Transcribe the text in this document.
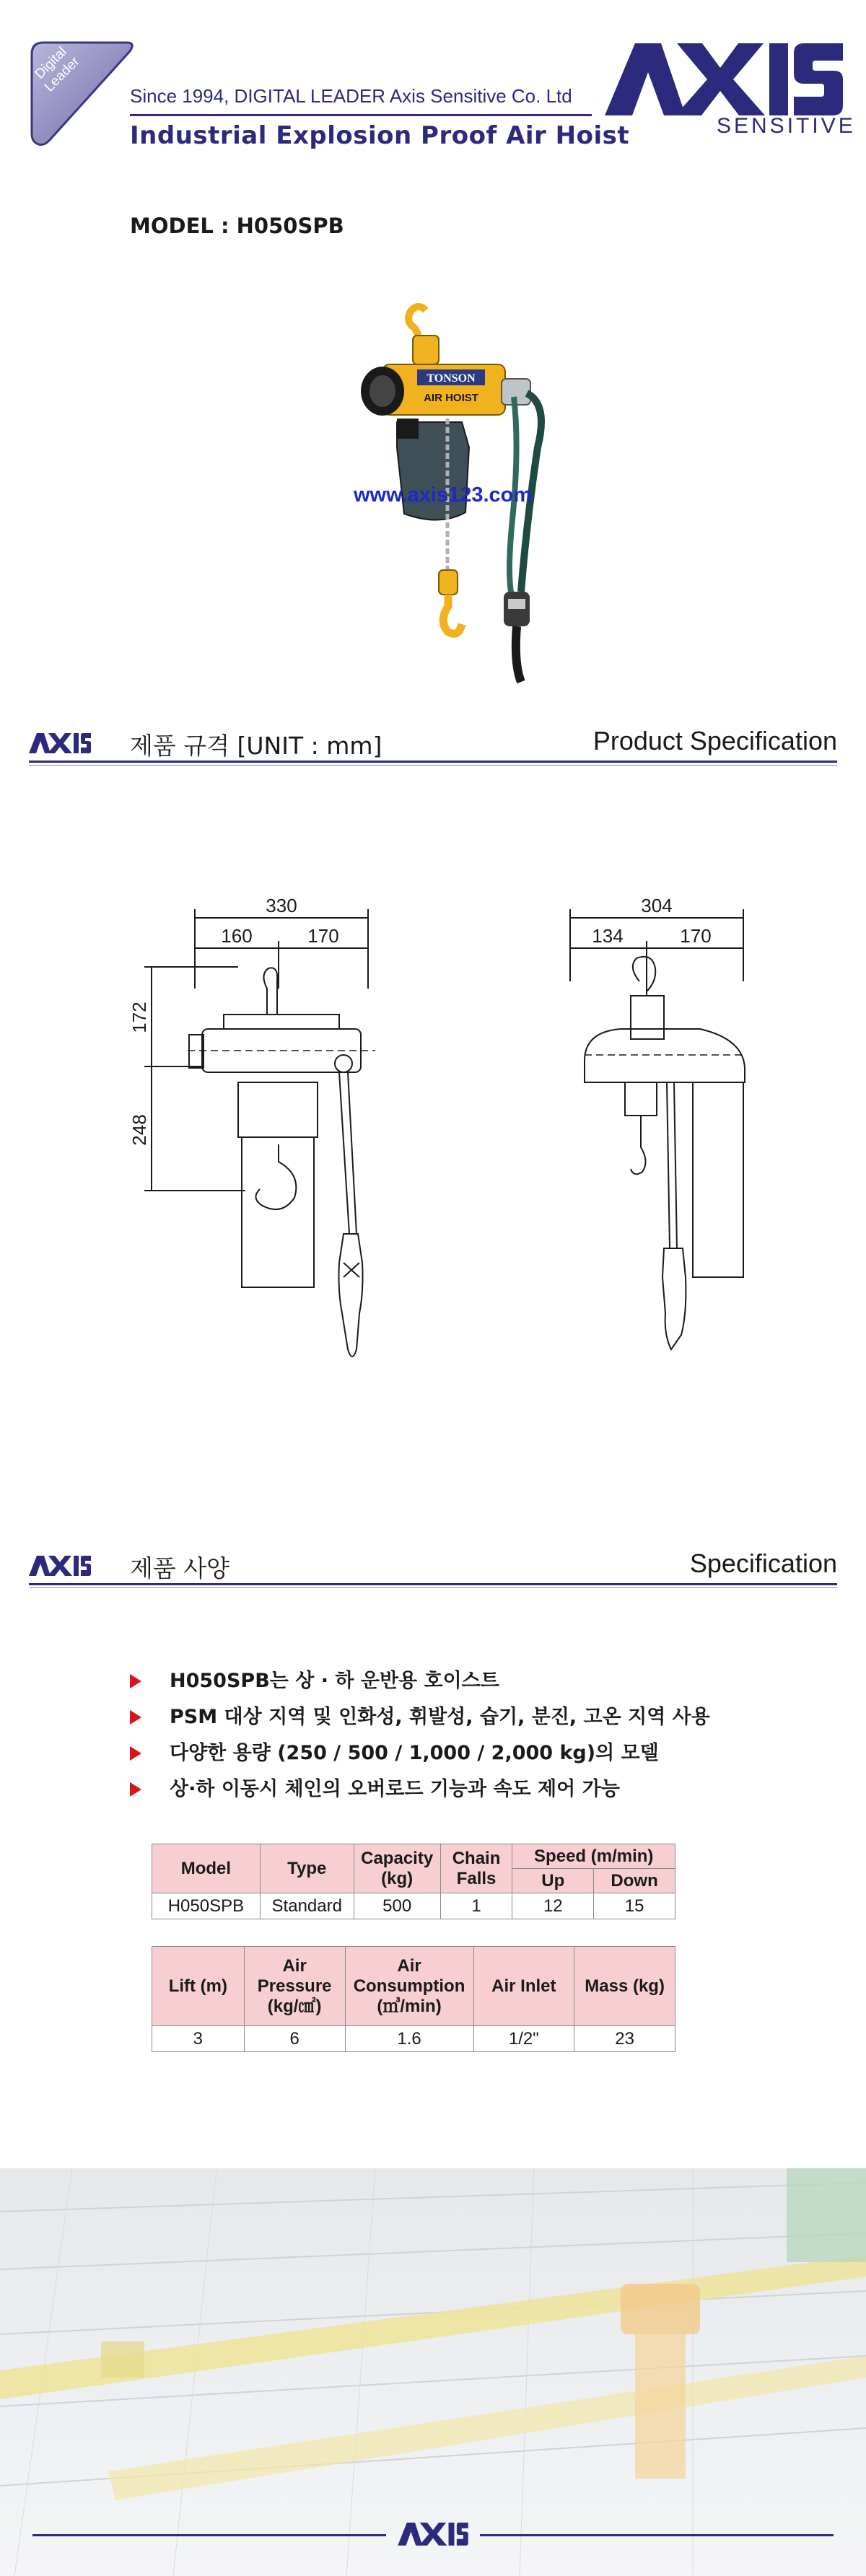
Digital Leader
Since 1994, DIGITAL LEADER Axis Sensitive Co. Ltd
Industrial Explosion Proof Air Hoist	SENSITIVE
MODEL : H050SPB
TONSON
AIR HOIST
www.axis123.com
제품 규격 [UNIT : mm]	Product Specification
330
160	170
172
248
304
134	170
제품 사양	Specification
H050SPB는 상 · 하 운반용 호이스트
PSM 대상 지역 및 인화성, 휘발성, 습기, 분진, 고온 지역 사용
다양한 용량 (250 / 500 / 1,000 / 2,000 kg)의 모델
상·하 이동시 체인의 오버로드 기능과 속도 제어 가능
Model	Type	Capacity (kg)	Chain Falls	Speed (m/min)	
				Up	Down
H050SPB	Standard	500	1	12	15
Lift (m)	Air Pressure (kg/㎠)	Air Consumption (㎥/min)	Air Inlet	Mass (kg)
3	6	1.6	1/2"	23
